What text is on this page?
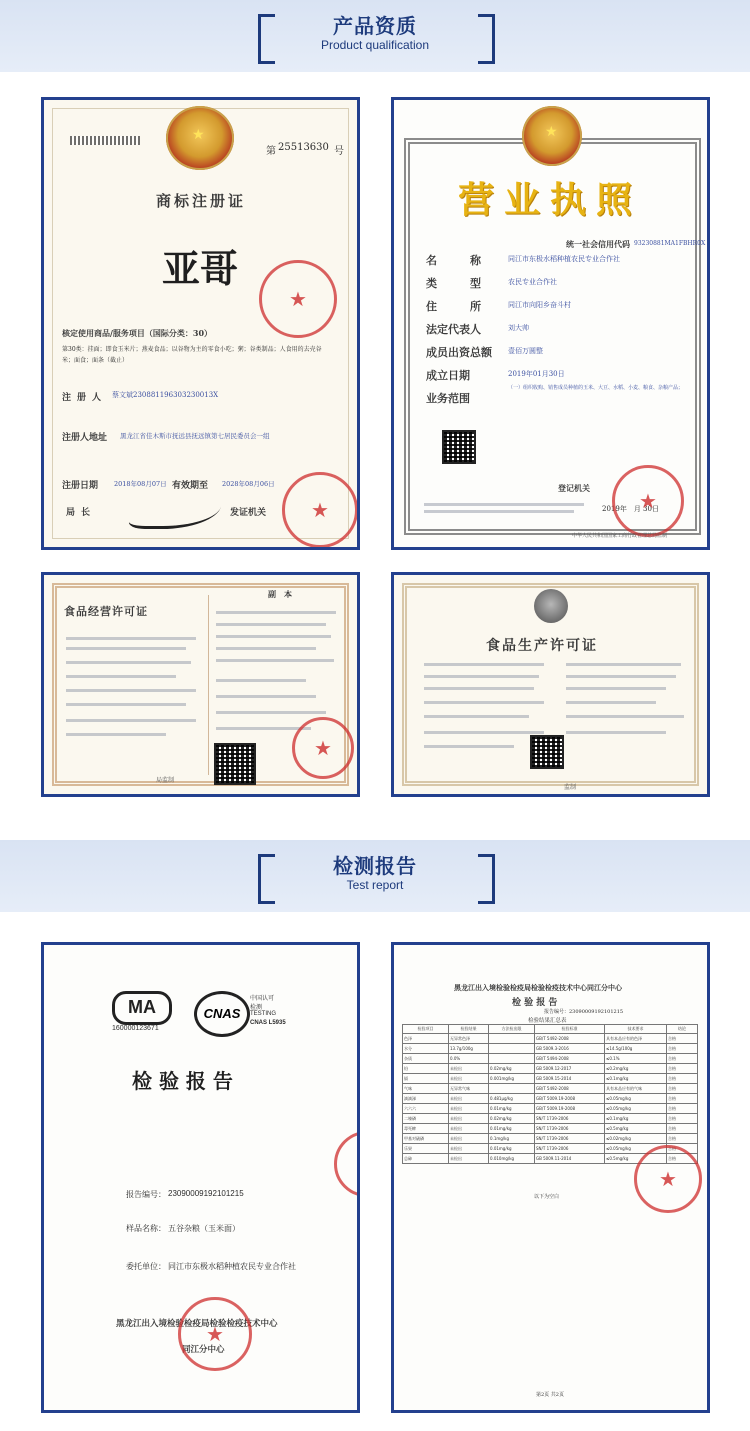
产品资质
Product qualification
★
第 25513630 号
商标注册证
亚哥
★
核定使用商品/服务项目（国际分类：30）
第30类：挂面；即食玉米片；燕麦食品；以谷物为主的零食小吃；粥；谷类制品；人食用的去壳谷
米；面食；面条（截止）
注册人 蔡文斌230881196303230013X
注册人地址 黑龙江省佳木斯市抚远县抚远镇第七居民委员会一组
注册日期 2018年08月07日 有效期至 2028年08月06日
局长	发证机关
★
★
营业执照
统一社会信用代码 93230881MA1FBHR0X
名　　　称	同江市东极水稻种植农民专业合作社
类　　　型	农民专业合作社
住　　　所	同江市向阳乡奋斗村
法定代表人	刘大帅
成员出资总额 壹佰万圆整
成立日期	2019年01月30日
业务范围
（一）组织收购、销售成员种植的玉米、大豆、水稻、小麦、粮食、杂粮产品；
登记机关
2019年　月 30日
★
中华人民共和国国家工商行政管理总局监制
食品经营许可证
副　本
★
局监制
食品生产许可证
监制
检测报告
Test report
MA
160000123671
CNAS
中国认可
检测
TESTING
CNAS L5935
检 验 报 告
★
报告编号： 23090009192101215
样品名称： 五谷杂粮（玉米面）
委托单位： 同江市东极水稻种植农民专业合作社
黑龙江出入境检验检疫局检验检疫技术中心
同江分中心
★
黑龙江出入境检验检疫局检验检疫技术中心同江分中心
检 验 报 告
报告编号：23090009192101215
检验结果汇总表
检验项目	检验结果	方法检出限	检验标准	技术要求	结论
色泽	无异常色泽		GB/T 5492-2008	具有本品应有的色泽	合格
水分	13.7g/100g		GB 5009.3-2016	≤14.5g/100g	合格
杂质	0.0%		GB/T 5494-2008	≤0.1%	合格
铅	未检出	0.02mg/kg	GB 5009.12-2017	≤0.2mg/kg	合格
镉	未检出	0.001mg/kg	GB 5009.15-2014	≤0.1mg/kg	合格
气味	无异常气味		GB/T 5492-2008	具有本品应有的气味	合格
滴滴涕	未检出	0.481μg/kg	GB/T 5009.19-2008	≤0.05mg/kg	合格
六六六	未检出	0.01mg/kg	GB/T 5009.19-2008	≤0.05mg/kg	合格
二嗪磷	未检出	0.02mg/kg	SN/T 1739-2006	≤0.1mg/kg	合格
毒死蜱	未检出	0.01mg/kg	SN/T 1739-2006	≤0.5mg/kg	合格
甲基对硫磷	未检出	0.1mg/kg	SN/T 1739-2006	≤0.02mg/kg	合格
乐果	未检出	0.01mg/kg	SN/T 1739-2006	≤0.05mg/kg	合格
总砷	未检出	0.010mg/kg	GB 5009.11-2014	≤0.5mg/kg	合格
以下为空白
★
第2页 共2页
